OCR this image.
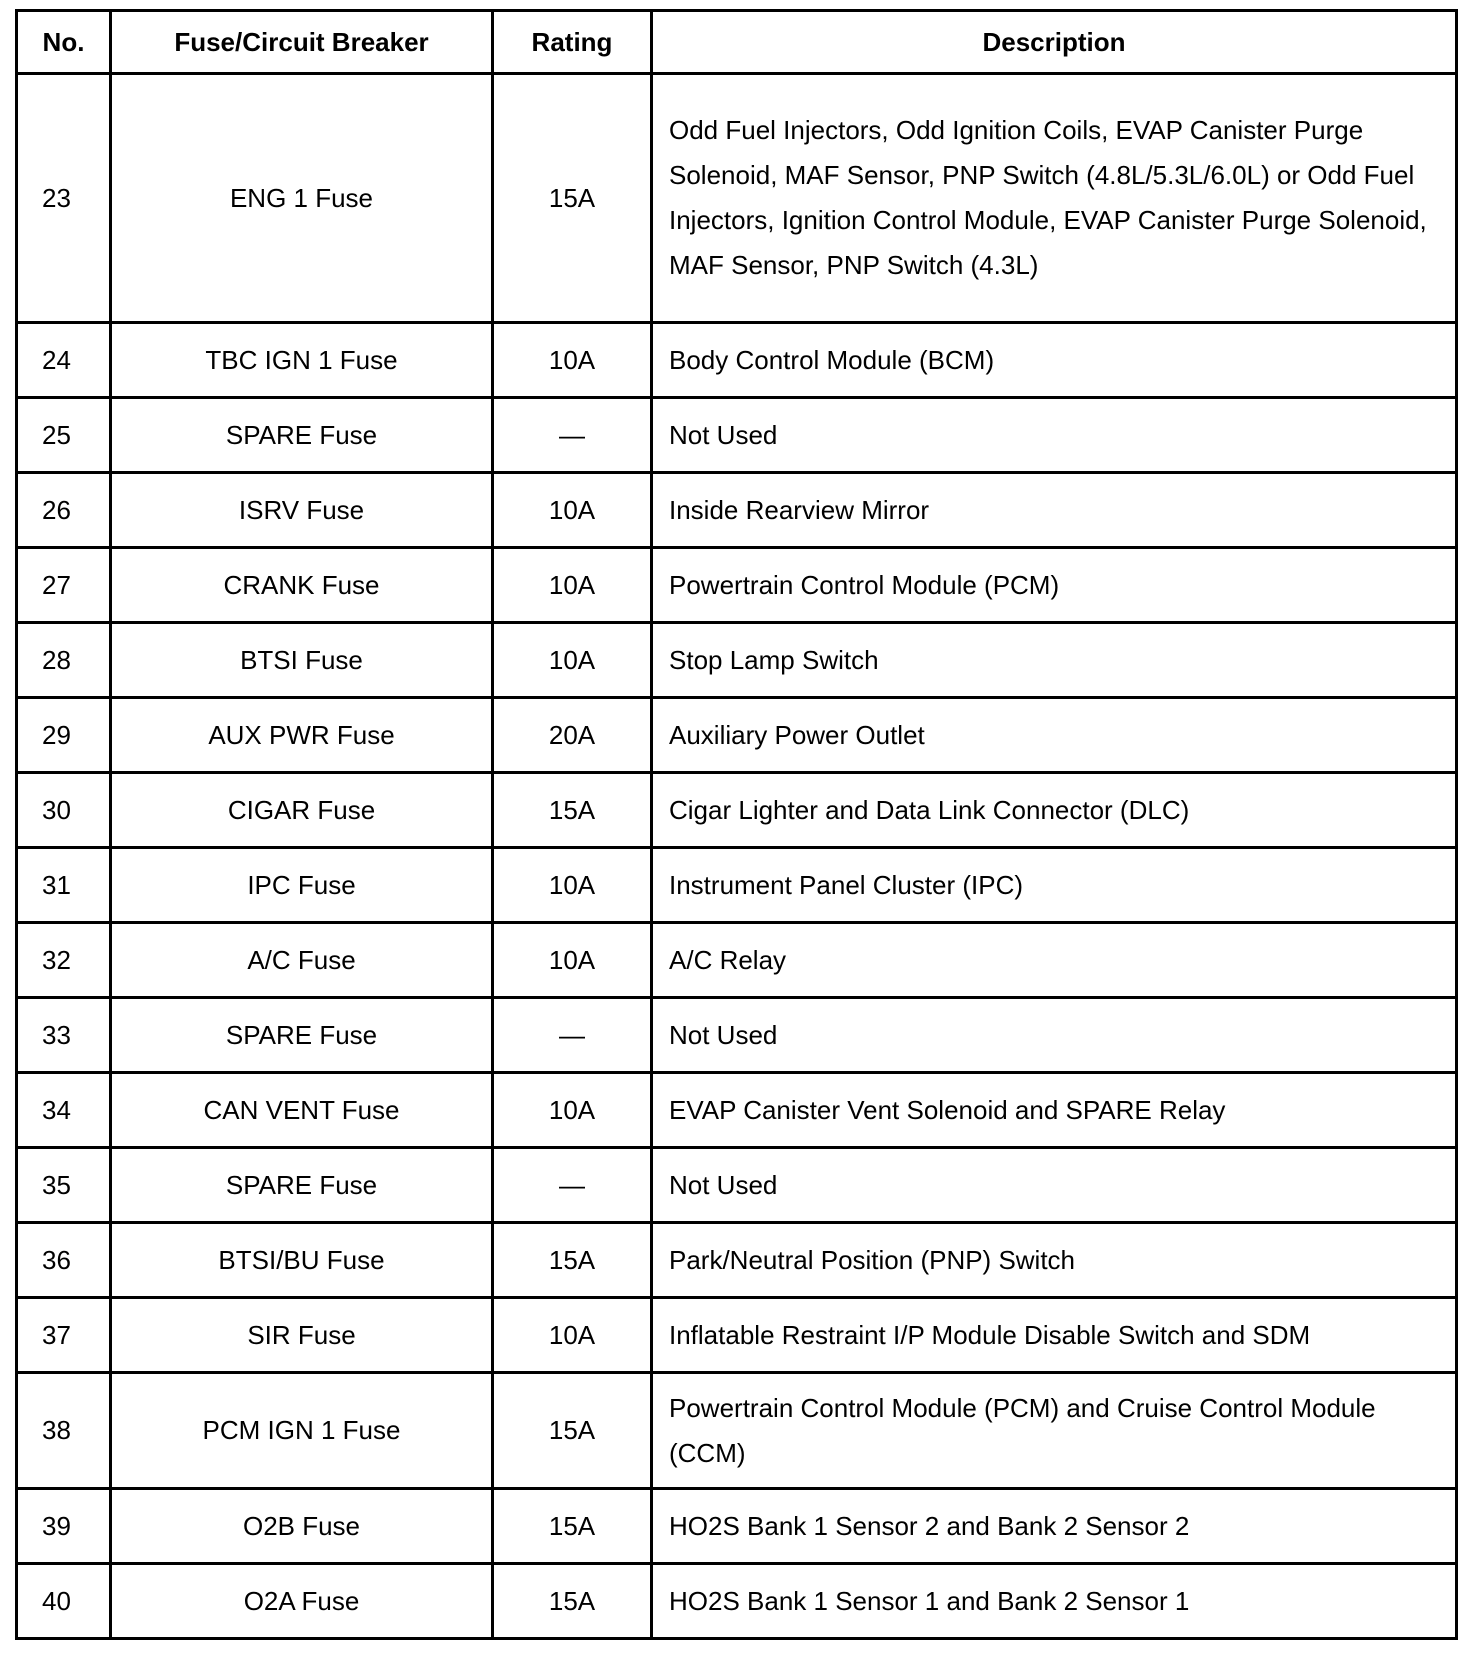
No.	Fuse/Circuit Breaker	Rating	Description
23	ENG 1 Fuse	15A	Odd Fuel Injectors, Odd Ignition Coils, EVAP Canister Purge Solenoid, MAF Sensor, PNP Switch (4.8L/5.3L/6.0L) or Odd Fuel Injectors, Ignition Control Module, EVAP Canister Purge Solenoid, MAF Sensor, PNP Switch (4.3L)
24	TBC IGN 1 Fuse	10A	Body Control Module (BCM)
25	SPARE Fuse	—	Not Used
26	ISRV Fuse	10A	Inside Rearview Mirror
27	CRANK Fuse	10A	Powertrain Control Module (PCM)
28	BTSI Fuse	10A	Stop Lamp Switch
29	AUX PWR Fuse	20A	Auxiliary Power Outlet
30	CIGAR Fuse	15A	Cigar Lighter and Data Link Connector (DLC)
31	IPC Fuse	10A	Instrument Panel Cluster (IPC)
32	A/C Fuse	10A	A/C Relay
33	SPARE Fuse	—	Not Used
34	CAN VENT Fuse	10A	EVAP Canister Vent Solenoid and SPARE Relay
35	SPARE Fuse	—	Not Used
36	BTSI/BU Fuse	15A	Park/Neutral Position (PNP) Switch
37	SIR Fuse	10A	Inflatable Restraint I/P Module Disable Switch and SDM
38	PCM IGN 1 Fuse	15A	Powertrain Control Module (PCM) and Cruise Control Module (CCM)
39	O2B Fuse	15A	HO2S Bank 1 Sensor 2 and Bank 2 Sensor 2
40	O2A Fuse	15A	HO2S Bank 1 Sensor 1 and Bank 2 Sensor 1
